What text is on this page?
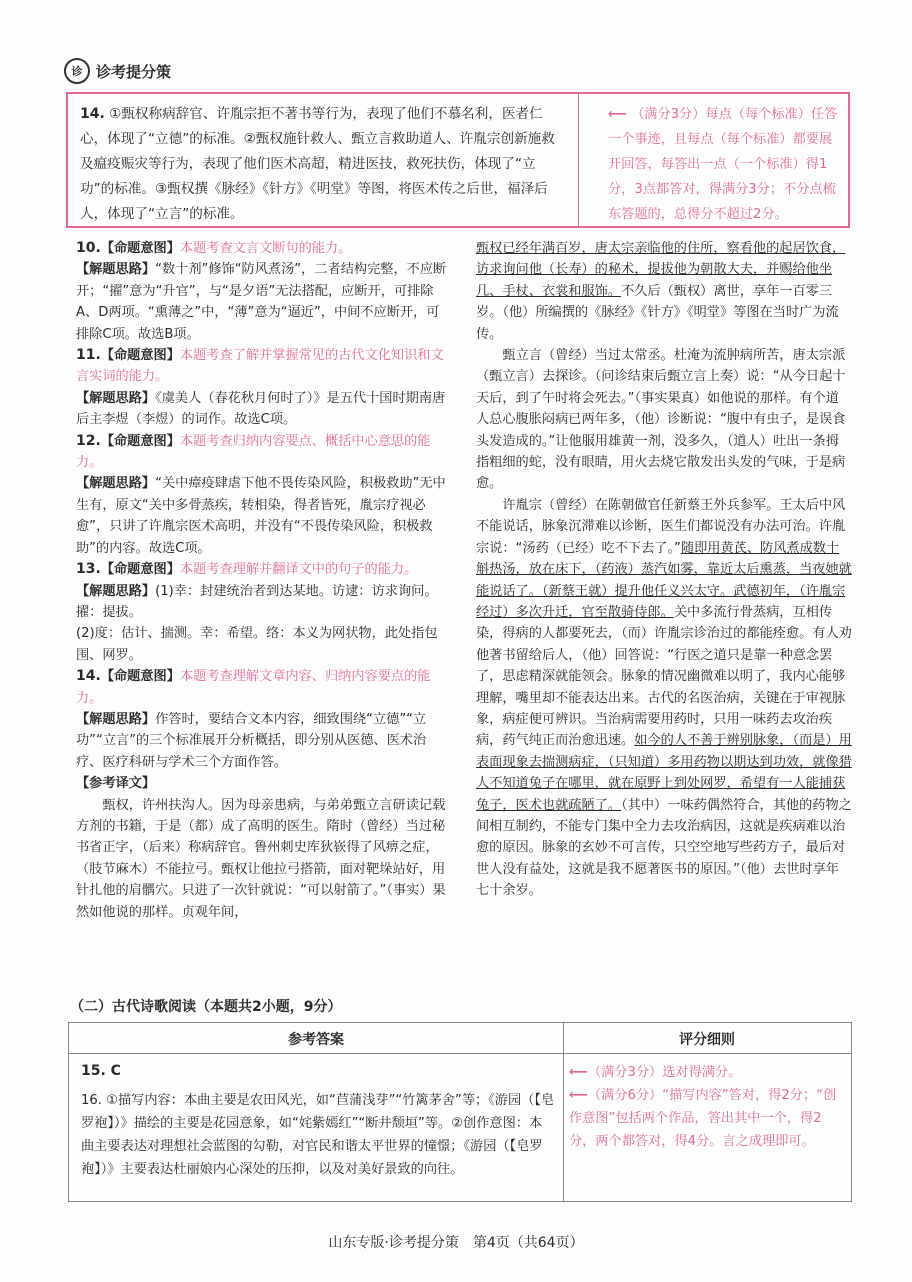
诊 诊考提分策
14. ①甄权称病辞官、许胤宗拒不著书等行为，表现了他们不慕名利，医者仁心，体现了“立德”的标准。②甄权施针救人、甄立言救助道人、许胤宗创新施救及瘟疫赈灾等行为，表现了他们医术高超，精进医技，救死扶伤，体现了“立功”的标准。③甄权撰《脉经》《针方》《明堂》等图，将医术传之后世，福泽后人，体现了“立言”的标准。
⟵ （满分3分）每点（每个标准）任答一个事迹，且每点（每个标准）都要展开回答，每答出一点（一个标准）得1分，3点都答对，得满分3分；不分点梳东答题的，总得分不超过2分。

10.【命题意图】本题考查文言文断句的能力。

【解题思路】“数十剂”修饰“防风煮汤”，二者结构完整，不应断开；“擢”意为“升官”，与“是夕语”无法搭配，应断开，可排除A、D两项。“熏薄之”中，“薄”意为“逼近”，中间不应断开，可排除C项。故选B项。

11.【命题意图】本题考查了解并掌握常见的古代文化知识和文言实词的能力。

【解题思路】《虞美人（春花秋月何时了）》是五代十国时期南唐后主李煜（李煜）的词作。故选C项。

12.【命题意图】本题考查归纳内容要点、概括中心意思的能力。

【解题思路】“关中瘴疫肆虐下他不畏传染风险，积极救助”无中生有，原文“关中多骨蒸疾，转相染，得者皆死，胤宗疗视必愈”，只讲了许胤宗医术高明，并没有“不畏传染风险，积极救助”的内容。故选C项。

13.【命题意图】本题考查理解并翻译文中的句子的能力。

【解题思路】(1)幸：封建统治者到达某地。访逮：访求询问。擢：提拔。

(2)度：估计、揣测。幸：希望。络：本义为网状物，此处指包围、网罗。

14.【命题意图】本题考查理解文章内容、归纳内容要点的能力。

【解题思路】作答时，要结合文本内容，细致围绕“立德”“立功”“立言”的三个标准展开分析概括，即分别从医德、医术治疗、医疗科研与学术三个方面作答。

【参考译文】

甄权，许州扶沟人。因为母亲患病，与弟弟甄立言研读记载方剂的书籍，于是（都）成了高明的医生。隋时（曾经）当过秘书省正字，（后来）称病辞官。鲁州刺史库狄嵚得了风痹之症，（肢节麻木）不能拉弓。甄权让他拉弓搭箭，面对靶垛站好，用针扎他的肩髃穴。只进了一次针就说：“可以射箭了。”（事实）果然如他说的那样。贞观年间，

甄权已经年满百岁，唐太宗亲临他的住所，察看他的起居饮食，访求询问他（长寿）的秘术，提拔他为朝散大夫，并赐给他坐几、手杖、衣裳和服饰。不久后（甄权）离世，享年一百零三岁。（他）所编撰的《脉经》《针方》《明堂》等图在当时广为流传。

甄立言（曾经）当过太常丞。杜淹为流肿病所苦，唐太宗派（甄立言）去探诊。（问诊结束后甄立言上奏）说：“从今日起十天后，到了午时将会死去。”（事实果真）如他说的那样。有个道人总心腹胀闷病已两年多，（他）诊断说：“腹中有虫子，是误食头发造成的。”让他服用雄黄一剂，没多久，（道人）吐出一条拇指粗细的蛇，没有眼睛，用火去烧它散发出头发的气味，于是病愈。

许胤宗（曾经）在陈朝做官任新蔡王外兵参军。王太后中风不能说话，脉象沉滞难以诊断，医生们都说没有办法可治。许胤宗说：“汤药（已经）吃不下去了。”随即用黄芪、防风煮成数十斛热汤，放在床下，（药液）蒸汽如雾，靠近太后熏蒸，当夜她就能说话了。（新蔡王就）提升他任义兴太守。武德初年，（许胤宗经过）多次升迁，官至散骑侍郎。关中多流行骨蒸病，互相传染，得病的人都要死去，（而）许胤宗诊治过的都能痊愈。有人劝他著书留给后人，（他）回答说：“行医之道只是靠一种意念罢了，思虑精深就能领会。脉象的情况幽微难以明了，我内心能够理解，嘴里却不能表达出来。古代的名医治病，关键在于审视脉象，病症便可辨识。当治病需要用药时，只用一味药去攻治疾病，药气纯正而治愈迅速。如今的人不善于辨别脉象，（而是）用表面现象去揣测病症，（只知道）多用药物以期达到功效，就像猎人不知道兔子在哪里，就在原野上到处网罗，希望有一人能捕获兔子，医术也就疏陋了。（其中）一味药偶然符合，其他的药物之间相互制约，不能专门集中全力去攻治病因，这就是疾病难以治愈的原因。脉象的玄妙不可言传，只空空地写些药方子，最后对世人没有益处，这就是我不愿著医书的原因。”（他）去世时享年七十余岁。

（二）古代诗歌阅读（本题共2小题，9分）
参考答案	评分细则
15. C
16. ①描写内容：本曲主要是农田风光，如“苣蒲浅芽”“竹篱茅舍”等；《游园（【皂罗袍】）》描绘的主要是花园意象，如“姹紫嫣红”“断井颓垣”等。②创作意图：本曲主要表达对理想社会蓝图的勾勒，对官民和谐太平世界的憧憬；《游园（【皂罗袍】）》主要表达杜丽娘内心深处的压抑，以及对美好景致的向往。

⟵（满分3分）选对得满分。

⟵（满分6分）“描写内容”答对，得2分；“创作意图”包括两个作品，答出其中一个，得2分，两个都答对，得4分。言之成理即可。

山东专版·诊考提分策　第4页（共64页）
